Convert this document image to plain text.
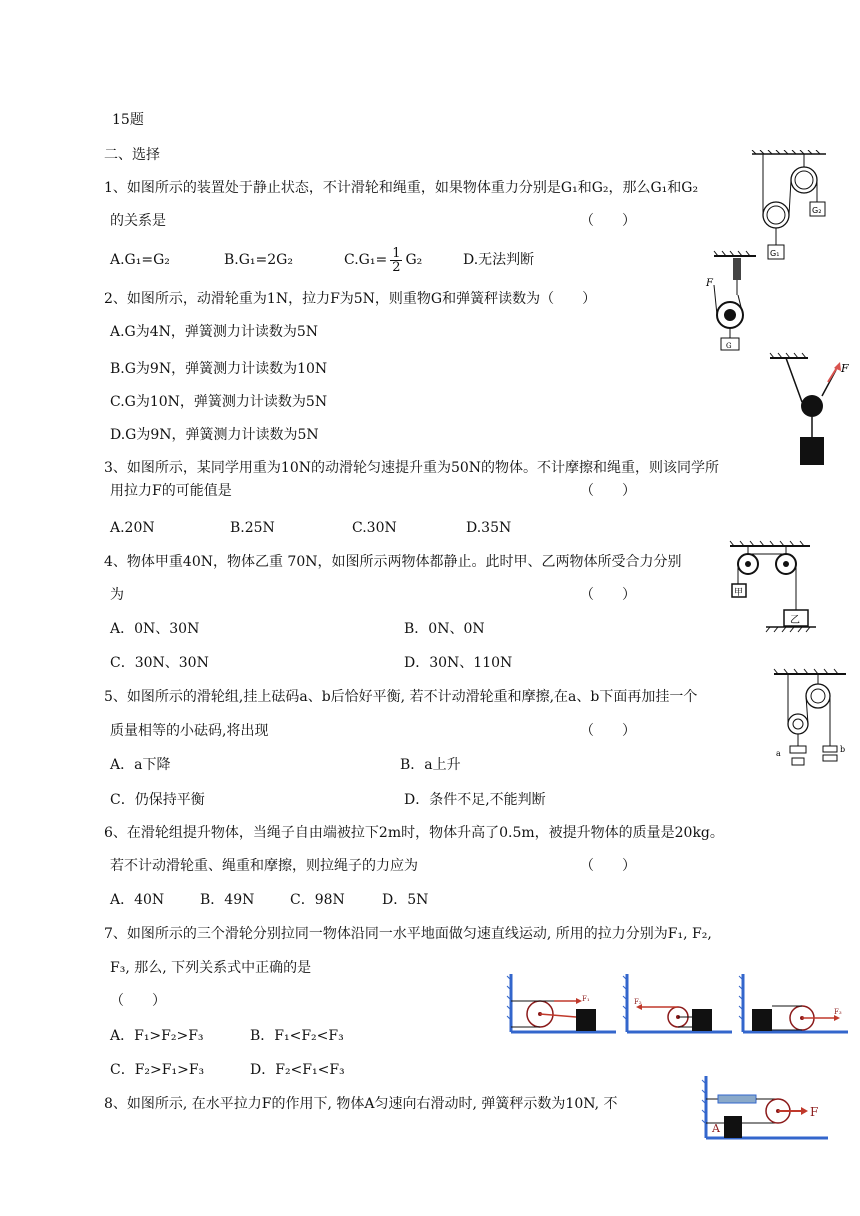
15题
二、选择
1、如图所示的装置处于静止状态，不计滑轮和绳重，如果物体重力分别是G₁和G₂，那么G₁和G₂
的关系是	（　　）
A.G₁=G₂	B.G₁=2G₂	$C.G_1= \frac{1}{2} G_2$	D.无法判断
G₂
G₁
2、如图所示，动滑轮重为1N，拉力F为5N，则重物G和弹簧秤读数为（　　）
A.G为4N，弹簧测力计读数为5N
B.G为9N，弹簧测力计读数为10N
C.G为10N，弹簧测力计读数为5N
D.G为9N，弹簧测力计读数为5N
F
G
3、如图所示，某同学用重为10N的动滑轮匀速提升重为50N的物体。不计摩擦和绳重，则该同学所
用拉力F的可能值是	（　　）
A.20N	B.25N	C.30N	D.35N
F
4、物体甲重40N，物体乙重 70N，如图所示两物体都静止。此时甲、乙两物体所受合力分别
为	（　　）
A．0N、30N	B．0N、0N
C．30N、30N	D．30N、110N
甲
乙
5、如图所示的滑轮组,挂上砝码a、b后恰好平衡, 若不计动滑轮重和摩擦,在a、b下面再加挂一个
质量相等的小砝码,将出现	（　　）
A．a下降	B．a上升
C．仍保持平衡	D．条件不足,不能判断
a	b
6、在滑轮组提升物体，当绳子自由端被拉下2m时，物体升高了0.5m，被提升物体的质量是20kg。
若不计动滑轮重、绳重和摩擦，则拉绳子的力应为	（　　）
A．40N	B．49N	C．98N	D．5N
7、如图所示的三个滑轮分别拉同一物体沿同一水平地面做匀速直线运动, 所用的拉力分别为F₁, F₂,
F₃, 那么, 下列关系式中正确的是
（　　）
A．F₁>F₂>F₃	B．F₁<F₂<F₃
C．F₂>F₁>F₃	D．F₂<F₁<F₃
F₁	F₂
F₃
8、如图所示, 在水平拉力F的作用下, 物体A匀速向右滑动时, 弹簧秤示数为10N, 不
A
F
